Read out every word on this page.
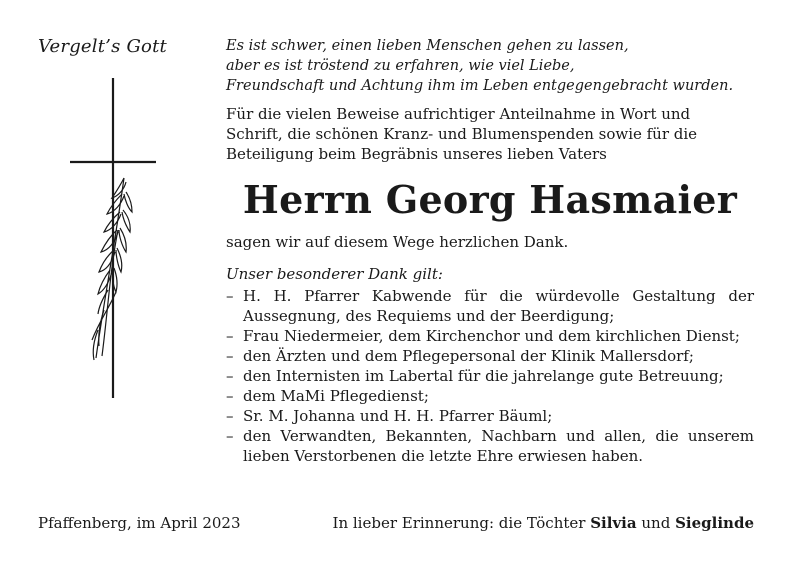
Vergelt’s Gott	Es ist schwer, einen lieben Menschen gehen zu lassen,
aber es ist tröstend zu erfahren, wie viel Liebe,
Freundschaft und Achtung ihm im Leben entgegengebracht wurden.
Für die vielen Beweise aufrichtiger Anteilnahme in Wort und
Schrift, die schönen Kranz- und Blumenspenden sowie für die
Beteiligung beim Begräbnis unseres lieben Vaters
Herrn Georg Hasmaier
sagen wir auf diesem Wege herzlichen Dank.
Unser besonderer Dank gilt:
– H. H. Pfarrer Kabwende für die würdevolle Gestaltung der Aussegnung, des Requiems und der Beerdigung;
– Frau Niedermeier, dem Kirchenchor und dem kirchlichen Dienst;
– den Ärzten und dem Pflegepersonal der Klinik Mallersdorf;
– den Internisten im Labertal für die jahrelange gute Betreuung;
– dem MaMi Pflegedienst;
– Sr. M. Johanna und H. H. Pfarrer Bäuml;
– den Verwandten, Bekannten, Nachbarn und allen, die unserem lieben Verstorbenen die letzte Ehre erwiesen haben.
Pfaffenberg, im April 2023	In lieber Erinnerung: die Töchter Silvia und Sieglinde
